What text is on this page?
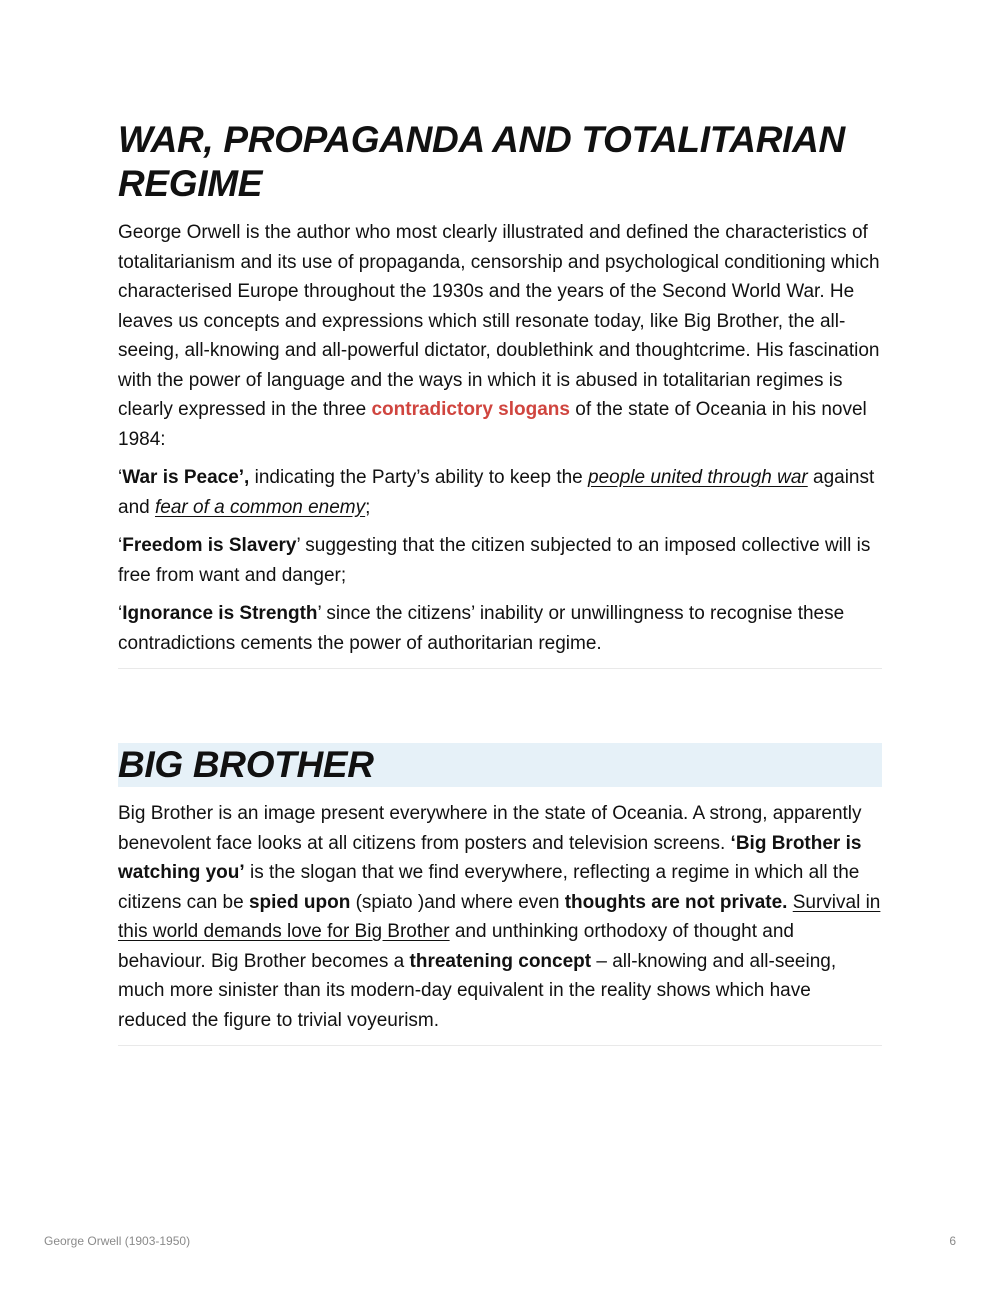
WAR, PROPAGANDA AND TOTALITARIAN REGIME

George Orwell is the author who most clearly illustrated and defined the characteristics of totalitarianism and its use of propaganda, censorship and psychological conditioning which characterised Europe throughout the 1930s and the years of the Second World War. He leaves us concepts and expressions which still resonate today, like Big Brother, the all-seeing, all-knowing and all-powerful dictator, doublethink and thoughtcrime. His fascination with the power of language and the ways in which it is abused in totalitarian regimes is clearly expressed in the three contradictory slogans of the state of Oceania in his novel 1984:

‘War is Peace’, indicating the Party’s ability to keep the people united through war against and fear of a common enemy;

‘Freedom is Slavery’ suggesting that the citizen subjected to an imposed collective will is free from want and danger;

‘Ignorance is Strength’ since the citizens’ inability or unwillingness to recognise these contradictions cements the power of authoritarian regime.

BIG BROTHER

Big Brother is an image present everywhere in the state of Oceania. A strong, apparently benevolent face looks at all citizens from posters and television screens. ‘Big Brother is watching you’ is the slogan that we find everywhere, reflecting a regime in which all the citizens can be spied upon (spiato )and where even thoughts are not private. Survival in this world demands love for Big Brother and unthinking orthodoxy of thought and behaviour. Big Brother becomes a threatening concept – all-knowing and all-seeing, much more sinister than its modern-day equivalent in the reality shows which have reduced the figure to trivial voyeurism.

George Orwell (1903-1950)	6
